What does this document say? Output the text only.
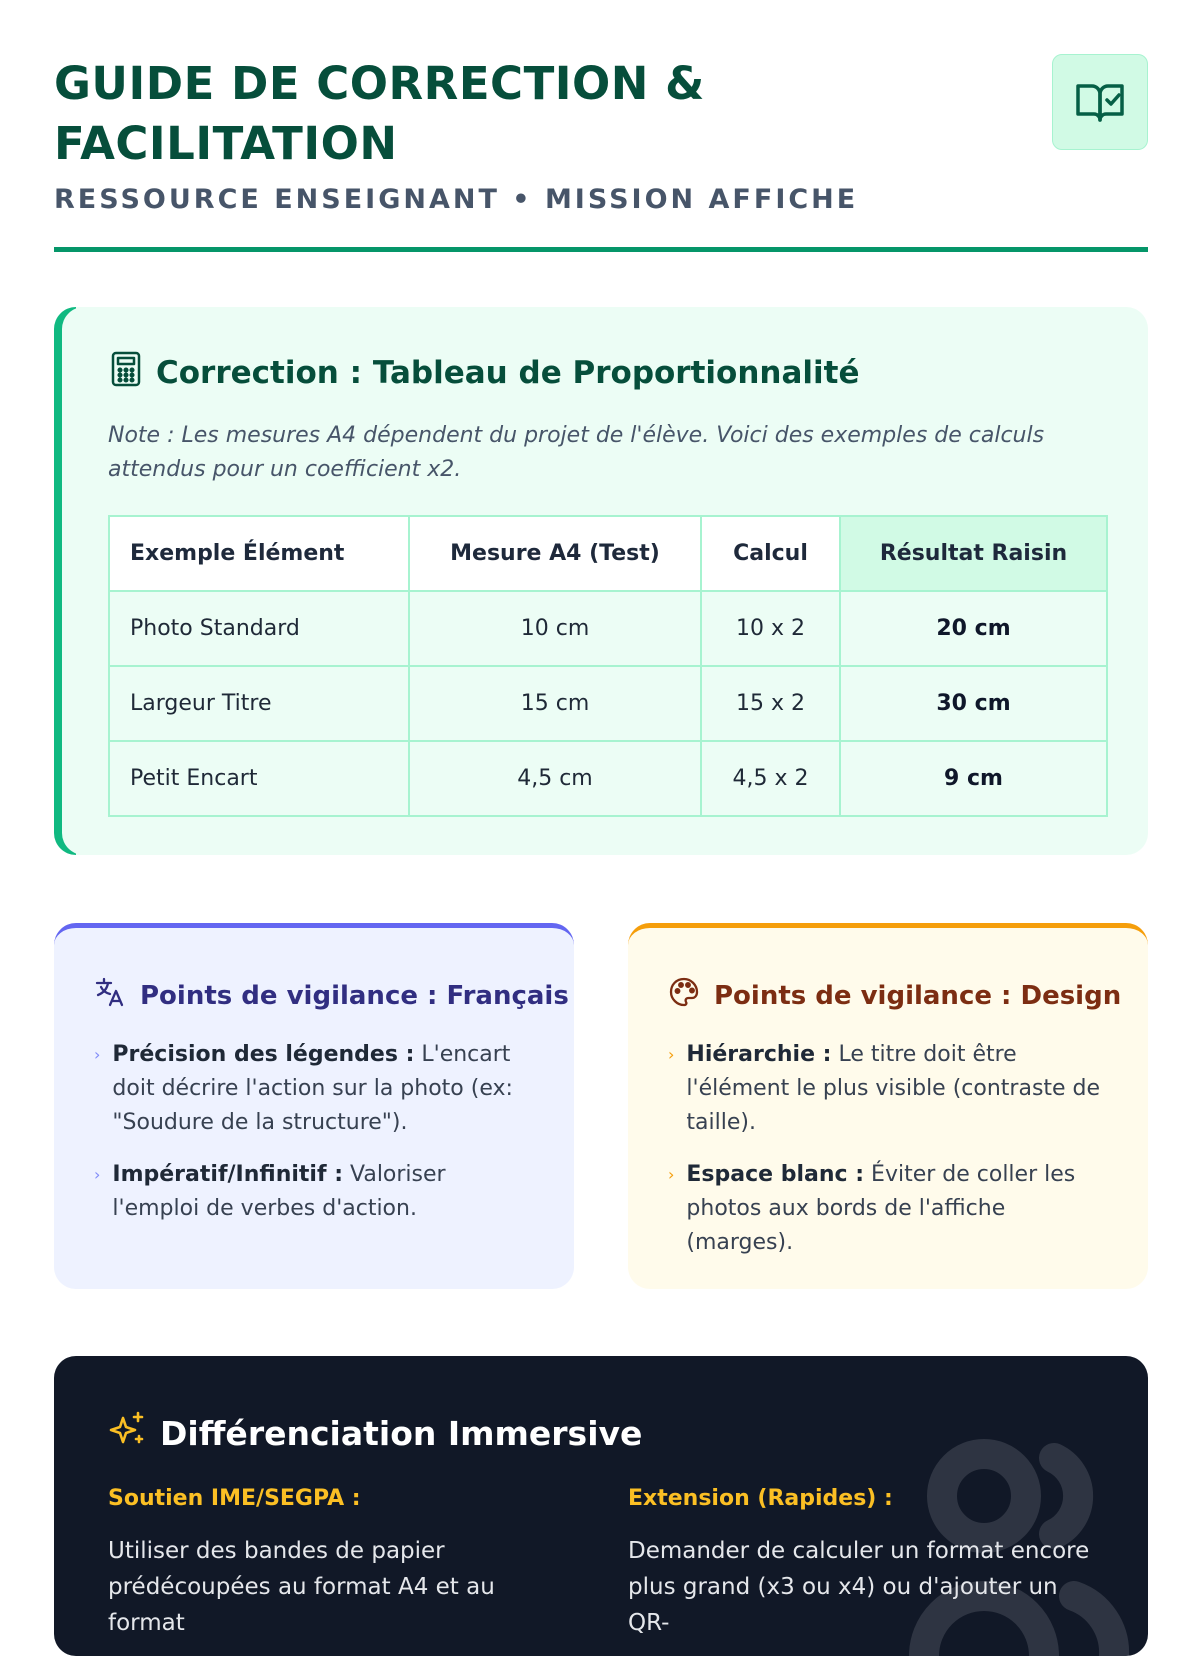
GUIDE DE CORRECTION &
FACILITATION
RESSOURCE ENSEIGNANT • MISSION AFFICHE
Correction : Tableau de Proportionnalité

Note : Les mesures A4 dépendent du projet de l'élève. Voici des exemples de calculs attendus pour un coefficient x2.

Exemple Élément	Mesure A4 (Test)	Calcul	Résultat Raisin
Photo Standard	10 cm	10 x 2	20 cm
Largeur Titre	15 cm	15 x 2	30 cm
Petit Encart	4,5 cm	4,5 x 2	9 cm
Points de vigilance : Français
› Précision des légendes : L'encart doit décrire l'action sur la photo (ex: "Soudure de la structure").
› Impératif/Infinitif : Valoriser l'emploi de verbes d'action.
Points de vigilance : Design
› Hiérarchie : Le titre doit être l'élément le plus visible (contraste de taille).
› Espace blanc : Éviter de coller les photos aux bords de l'affiche (marges).
Différenciation Immersive
Soutien IME/SEGPA :

Utiliser des bandes de papier prédécoupées au format A4 et au format

Extension (Rapides) :

Demander de calculer un format encore plus grand (x3 ou x4) ou d'ajouter un QR-
